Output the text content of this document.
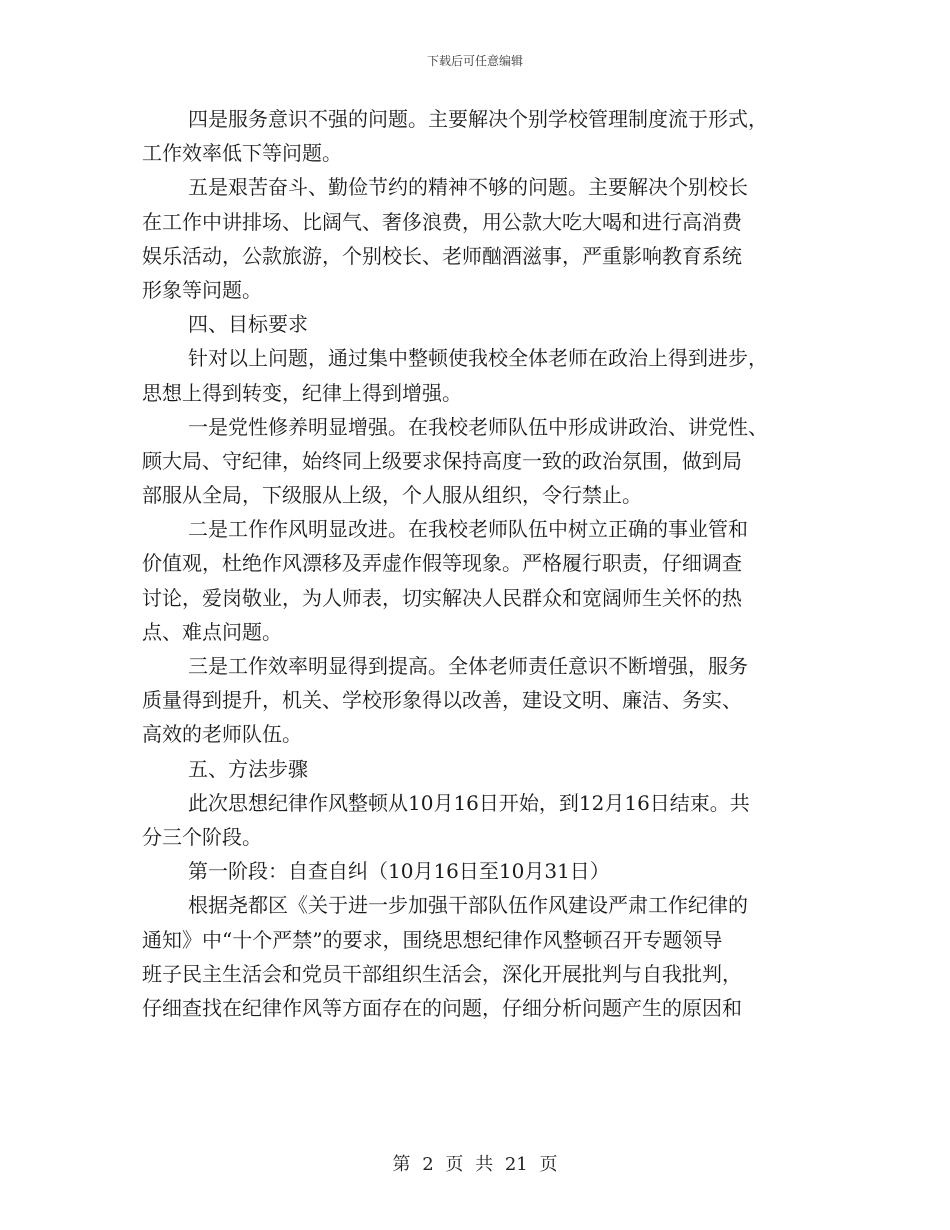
下载后可任意编辑
四是服务意识不强的问题。主要解决个别学校管理制度流于形式，
工作效率低下等问题。
五是艰苦奋斗、勤俭节约的精神不够的问题。主要解决个别校长
在工作中讲排场、比阔气、奢侈浪费，用公款大吃大喝和进行高消费
娱乐活动，公款旅游，个别校长、老师酗酒滋事，严重影响教育系统
形象等问题。
四、目标要求
针对以上问题，通过集中整顿使我校全体老师在政治上得到进步，
思想上得到转变，纪律上得到增强。
一是党性修养明显增强。在我校老师队伍中形成讲政治、讲党性、
顾大局、守纪律，始终同上级要求保持高度一致的政治氛围，做到局
部服从全局，下级服从上级，个人服从组织，令行禁止。
二是工作作风明显改进。在我校老师队伍中树立正确的事业管和
价值观，杜绝作风漂移及弄虚作假等现象。严格履行职责，仔细调查
讨论，爱岗敬业，为人师表，切实解决人民群众和宽阔师生关怀的热
点、难点问题。
三是工作效率明显得到提高。全体老师责任意识不断增强，服务
质量得到提升，机关、学校形象得以改善，建设文明、廉洁、务实、
高效的老师队伍。
五、方法步骤
此次思想纪律作风整顿从10月16日开始，到12月16日结束。共
分三个阶段。
第一阶段：自查自纠（10月16日至10月31日）
根据尧都区《关于进一步加强干部队伍作风建设严肃工作纪律的
通知》中“十个严禁”的要求，围绕思想纪律作风整顿召开专题领导
班子民主生活会和党员干部组织生活会，深化开展批判与自我批判，
仔细查找在纪律作风等方面存在的问题，仔细分析问题产生的原因和
第 2 页 共 21 页
